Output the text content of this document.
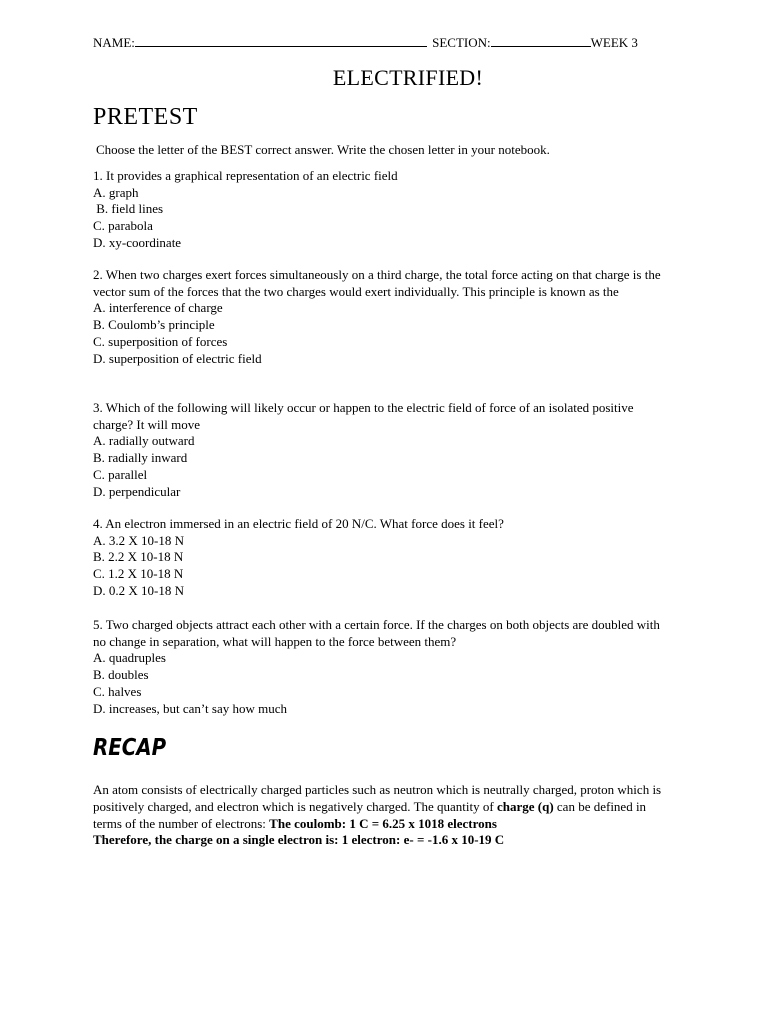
NAME:	SECTION:	WEEK 3
ELECTRIFIED!
PRETEST
Choose the letter of the BEST correct answer. Write the chosen letter in your notebook.
1. It provides a graphical representation of an electric field
A. graph
B. field lines
C. parabola
D. xy-coordinate
2. When two charges exert forces simultaneously on a third charge, the total force acting on that charge is the vector sum of the forces that the two charges would exert individually. This principle is known as the
A. interference of charge
B. Coulomb’s principle
C. superposition of forces
D. superposition of electric field
3. Which of the following will likely occur or happen to the electric field of force of an isolated positive charge? It will move
A. radially outward
B. radially inward
C. parallel
D. perpendicular
4. An electron immersed in an electric field of 20 N/C. What force does it feel?
A. 3.2 X 10-18 N
B. 2.2 X 10-18 N
C. 1.2 X 10-18 N
D. 0.2 X 10-18 N
5. Two charged objects attract each other with a certain force. If the charges on both objects are doubled with no change in separation, what will happen to the force between them?
A. quadruples
B. doubles
C. halves
D. increases, but can’t say how much
RECAP
An atom consists of electrically charged particles such as neutron which is neutrally charged, proton which is positively charged, and electron which is negatively charged. The quantity of charge (q) can be defined in terms of the number of electrons: The coulomb: 1 C = 6.25 x 1018 electrons
Therefore, the charge on a single electron is: 1 electron: e- = -1.6 x 10-19 C
